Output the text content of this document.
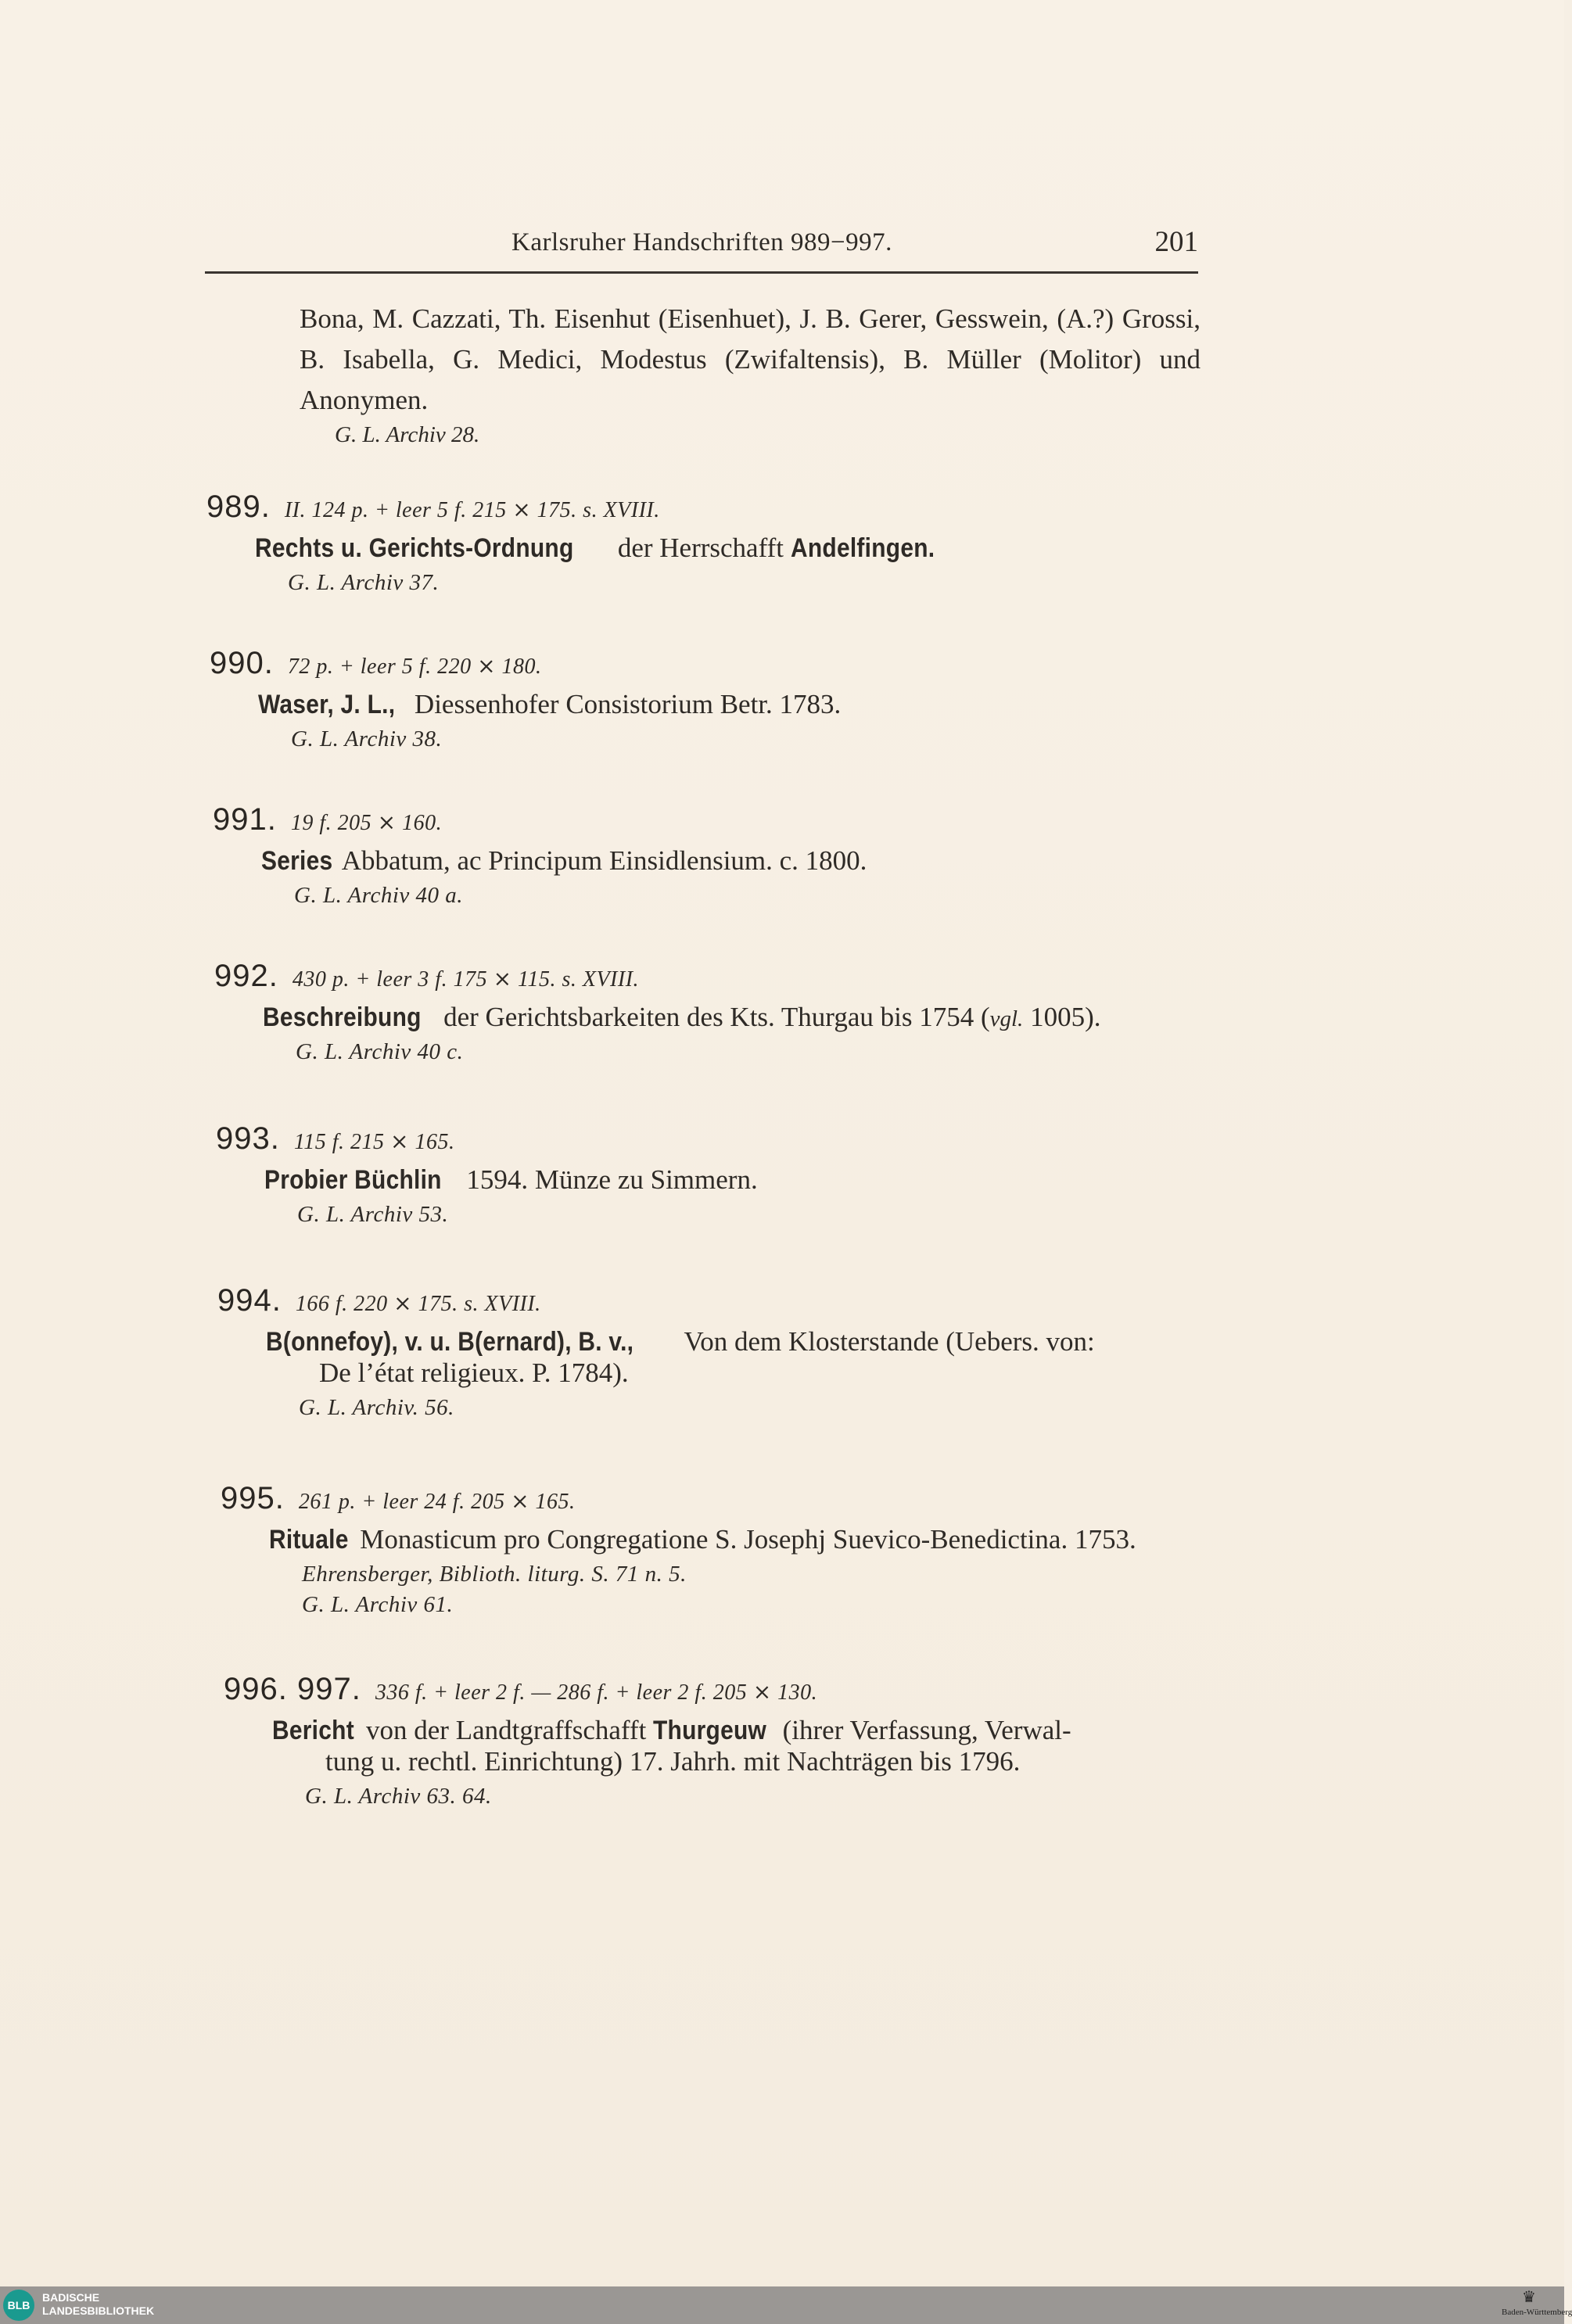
Karlsruher Handschriften 989−997.	201
Bona, M. Cazzati, Th. Eisenhut (Eisenhuet), J. B. Gerer, Gesswein, (A.?) Grossi, B. Isabella, G. Medici, Modestus (Zwifaltensis), B. Müller (Molitor) und Anonymen.
G. L. Archiv 28.
989. II. 124 p. + leer 5 f. 215 ⨯ 175. s. XVIII.
Rechts u. Gerichts-Ordnung der Herrschafft Andelfingen.
G. L. Archiv 37.
990. 72 p. + leer 5 f. 220 ⨯ 180.
Waser, J. L., Diessenhofer Consistorium Betr. 1783.
G. L. Archiv 38.
991. 19 f. 205 ⨯ 160.
Series Abbatum, ac Principum Einsidlensium. c. 1800.
G. L. Archiv 40 a.
992. 430 p. + leer 3 f. 175 ⨯ 115. s. XVIII.
Beschreibung der Gerichtsbarkeiten des Kts. Thurgau bis 1754 (vgl. 1005).
G. L. Archiv 40 c.
993. 115 f. 215 ⨯ 165.
Probier Büchlin 1594. Münze zu Simmern.
G. L. Archiv 53.
994. 166 f. 220 ⨯ 175. s. XVIII.
B(onnefoy), v. u. B(ernard), B. v., Von dem Klosterstande (Uebers. von:
De l’état religieux. P. 1784).
G. L. Archiv. 56.
995. 261 p. + leer 24 f. 205 ⨯ 165.
Rituale Monasticum pro Congregatione S. Josephj Suevico-Benedictina. 1753.
Ehrensberger, Biblioth. liturg. S. 71 n. 5.
G. L. Archiv 61.
996. 997. 336 f. + leer 2 f. — 286 f. + leer 2 f. 205 ⨯ 130.
Bericht von der Landtgraffschafft Thurgeuw (ihrer Verfassung, Verwal-
tung u. rechtl. Einrichtung) 17. Jahrh. mit Nachträgen bis 1796.
G. L. Archiv 63. 64.
BLB
BADISCHE
LANDESBIBLIOTHEK
♛
Baden-Württemberg
